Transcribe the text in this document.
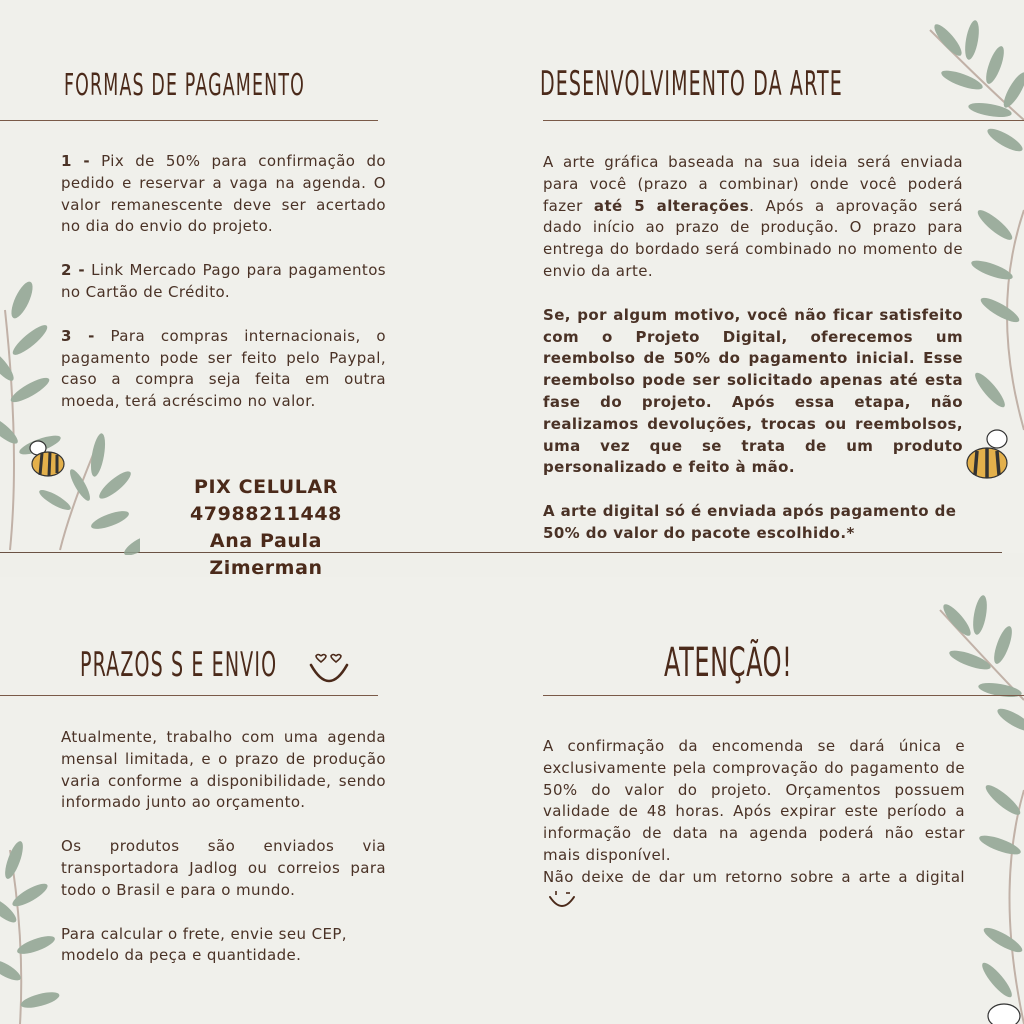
FORMAS DE PAGAMENTO

1 - Pix de 50% para confirmação do pedido e reservar a vaga na agenda. O valor remanescente deve ser acertado no dia do envio do projeto.

2 - Link Mercado Pago para pagamentos no Cartão de Crédito.

3 - Para compras internacionais, o pagamento pode ser feito pelo Paypal, caso a compra seja feita em outra moeda, terá acréscimo no valor.

PIX CELULAR
47988211448
Ana Paula Zimerman
DESENVOLVIMENTO DA ARTE

A arte gráfica baseada na sua ideia será enviada para você (prazo a combinar) onde você poderá fazer até 5 alterações. Após a aprovação será dado início ao prazo de produção. O prazo para entrega do bordado será combinado no momento de envio da arte.

Se, por algum motivo, você não ficar satisfeito com o Projeto Digital, oferecemos um reembolso de 50% do pagamento inicial. Esse reembolso pode ser solicitado apenas até esta fase do projeto. Após essa etapa, não realizamos devoluções, trocas ou reembolsos, uma vez que se trata de um produto personalizado e feito à mão.

A arte digital só é enviada após pagamento de 50% do valor do pacote escolhido.*

PRAZOS S E ENVIO

Atualmente, trabalho com uma agenda mensal limitada, e o prazo de produção varia conforme a disponibilidade, sendo informado junto ao orçamento.

Os produtos são enviados via transportadora Jadlog ou correios para todo o Brasil e para o mundo.

Para calcular o frete, envie seu CEP, modelo da peça e quantidade.

ATENÇÃO!

A confirmação da encomenda se dará única e exclusivamente pela comprovação do pagamento de 50% do valor do projeto. Orçamentos possuem validade de 48 horas. Após expirar este período a informação de data na agenda poderá não estar mais disponível.

Não deixe de dar um retorno sobre a arte a digital
